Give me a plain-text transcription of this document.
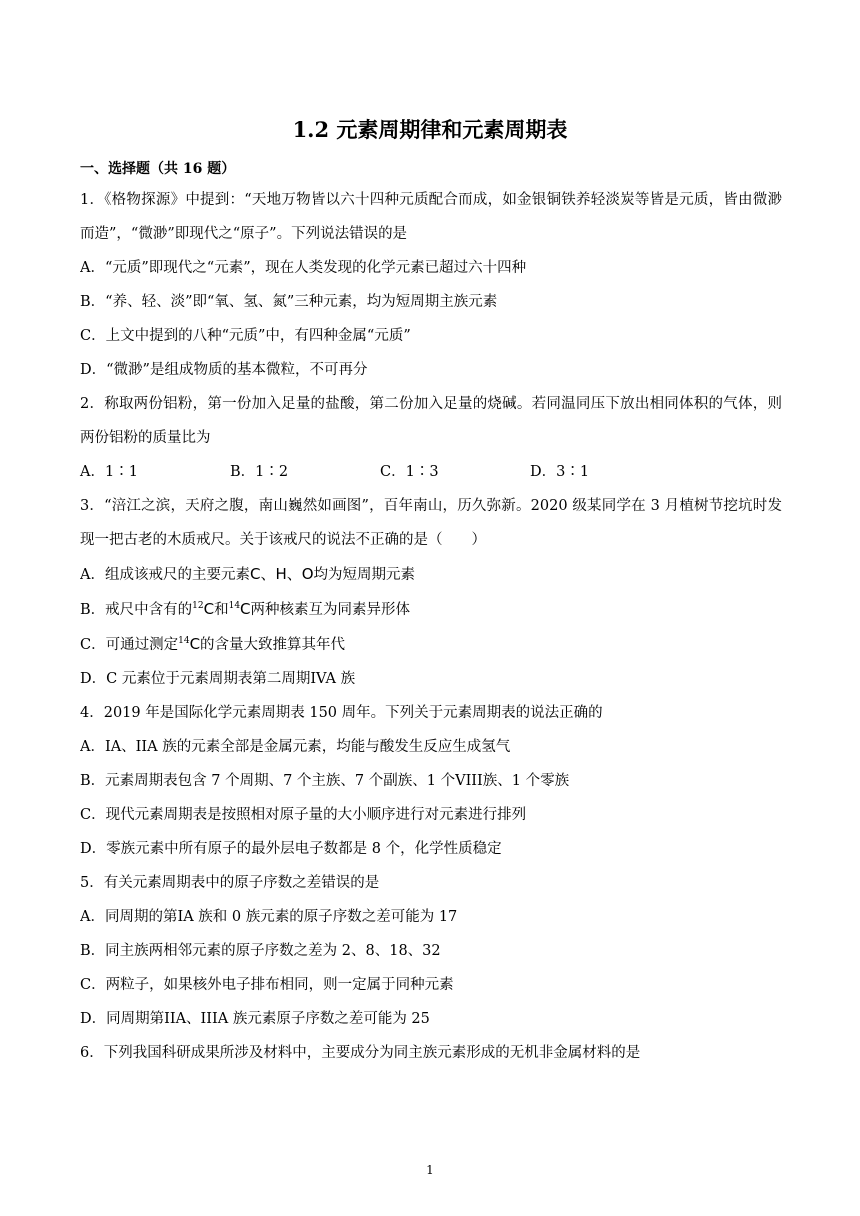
1.2 元素周期律和元素周期表
一、选择题（共 16 题）
1．《格物探源》中提到：“天地万物皆以六十四种元质配合而成，如金银铜铁养轻淡炭等皆是元质，皆由微渺而造”，“微渺”即现代之“原子”。下列说法错误的是
A．“元质”即现代之“元素”，现在人类发现的化学元素已超过六十四种
B．“养、轻、淡”即“氧、氢、氮”三种元素，均为短周期主族元素
C．上文中提到的八种“元质”中，有四种金属“元质”
D．“微渺”是组成物质的基本微粒，不可再分
2．称取两份铝粉，第一份加入足量的盐酸，第二份加入足量的烧碱。若同温同压下放出相同体积的气体，则两份铝粉的质量比为
A．1∶1	B．1∶2	C．1∶3	D．3∶1
3．“涪江之滨，天府之腹，南山巍然如画图”，百年南山，历久弥新。2020 级某同学在 3 月植树节挖坑时发现一把古老的木质戒尺。关于该戒尺的说法不正确的是（　　）
A．组成该戒尺的主要元素C、H、O均为短周期元素
B．戒尺中含有的$^{12}$C和$^{14}$C两种核素互为同素异形体
C．可通过测定$^{14}$C的含量大致推算其年代
D．C 元素位于元素周期表第二周期IVA 族
4．2019 年是国际化学元素周期表 150 周年。下列关于元素周期表的说法正确的
A．IA、IIA 族的元素全部是金属元素，均能与酸发生反应生成氢气
B．元素周期表包含 7 个周期、7 个主族、7 个副族、1 个VIII族、1 个零族
C．现代元素周期表是按照相对原子量的大小顺序进行对元素进行排列
D．零族元素中所有原子的最外层电子数都是 8 个，化学性质稳定
5．有关元素周期表中的原子序数之差错误的是
A．同周期的第IA 族和 0 族元素的原子序数之差可能为 17
B．同主族两相邻元素的原子序数之差为 2、8、18、32
C．两粒子，如果核外电子排布相同，则一定属于同种元素
D．同周期第IIA、IIIA 族元素原子序数之差可能为 25
6．下列我国科研成果所涉及材料中，主要成分为同主族元素形成的无机非金属材料的是
1
